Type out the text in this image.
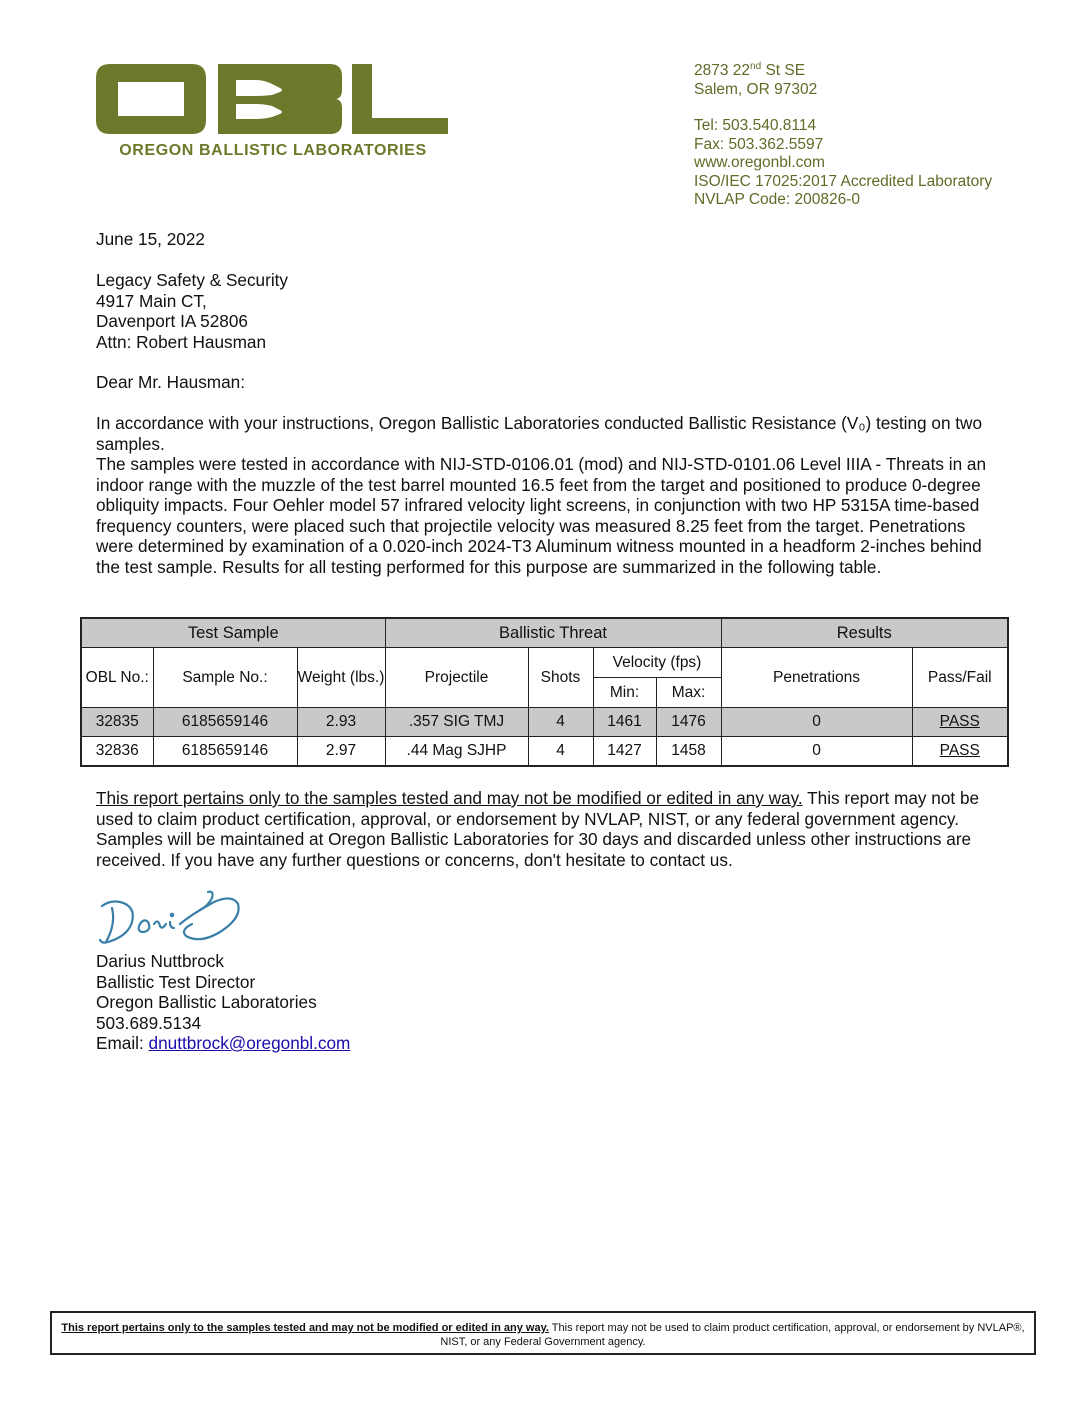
OREGON BALLISTIC LABORATORIES
2873 22nd St SE
Salem, OR 97302
Tel: 503.540.8114
Fax: 503.362.5597
www.oregonbl.com
ISO/IEC 17025:2017 Accredited Laboratory
NVLAP Code: 200826-0
June 15, 2022
Legacy Safety & Security
4917 Main CT,
Davenport IA 52806
Attn: Robert Hausman
Dear Mr. Hausman:

In accordance with your instructions, Oregon Ballistic Laboratories conducted Ballistic Resistance (V₀) testing on two samples.

The samples were tested in accordance with NIJ-STD-0106.01 (mod) and NIJ-STD-0101.06 Level IIIA - Threats in an indoor range with the muzzle of the test barrel mounted 16.5 feet from the target and positioned to produce 0-degree obliquity impacts. Four Oehler model 57 infrared velocity light screens, in conjunction with two HP 5315A time-based frequency counters, were placed such that projectile velocity was measured 8.25 feet from the target. Penetrations were determined by examination of a 0.020-inch 2024-T3 Aluminum witness mounted in a headform 2-inches behind the test sample. Results for all testing performed for this purpose are summarized in the following table.

Test Sample			Ballistic Threat				Results	
OBL No.:	Sample No.:	Weight (lbs.)	Projectile	Shots	Velocity (fps)		Penetrations	Pass/Fail
					Min:	Max:		
32835	6185659146	2.93	.357 SIG TMJ	4	1461	1476	0	PASS
32836	6185659146	2.97	.44 Mag SJHP	4	1427	1458	0	PASS
This report pertains only to the samples tested and may not be modified or edited in any way. This report may not be used to claim product certification, approval, or endorsement by NVLAP, NIST, or any federal government agency. Samples will be maintained at Oregon Ballistic Laboratories for 30 days and discarded unless other instructions are received. If you have any further questions or concerns, don't hesitate to contact us.
Darius Nuttbrock
Ballistic Test Director
Oregon Ballistic Laboratories
503.689.5134
Email: dnuttbrock@oregonbl.com
This report pertains only to the samples tested and may not be modified or edited in any way. This report may not be used to claim product certification, approval, or endorsement by NVLAP®, NIST, or any Federal Government agency.
